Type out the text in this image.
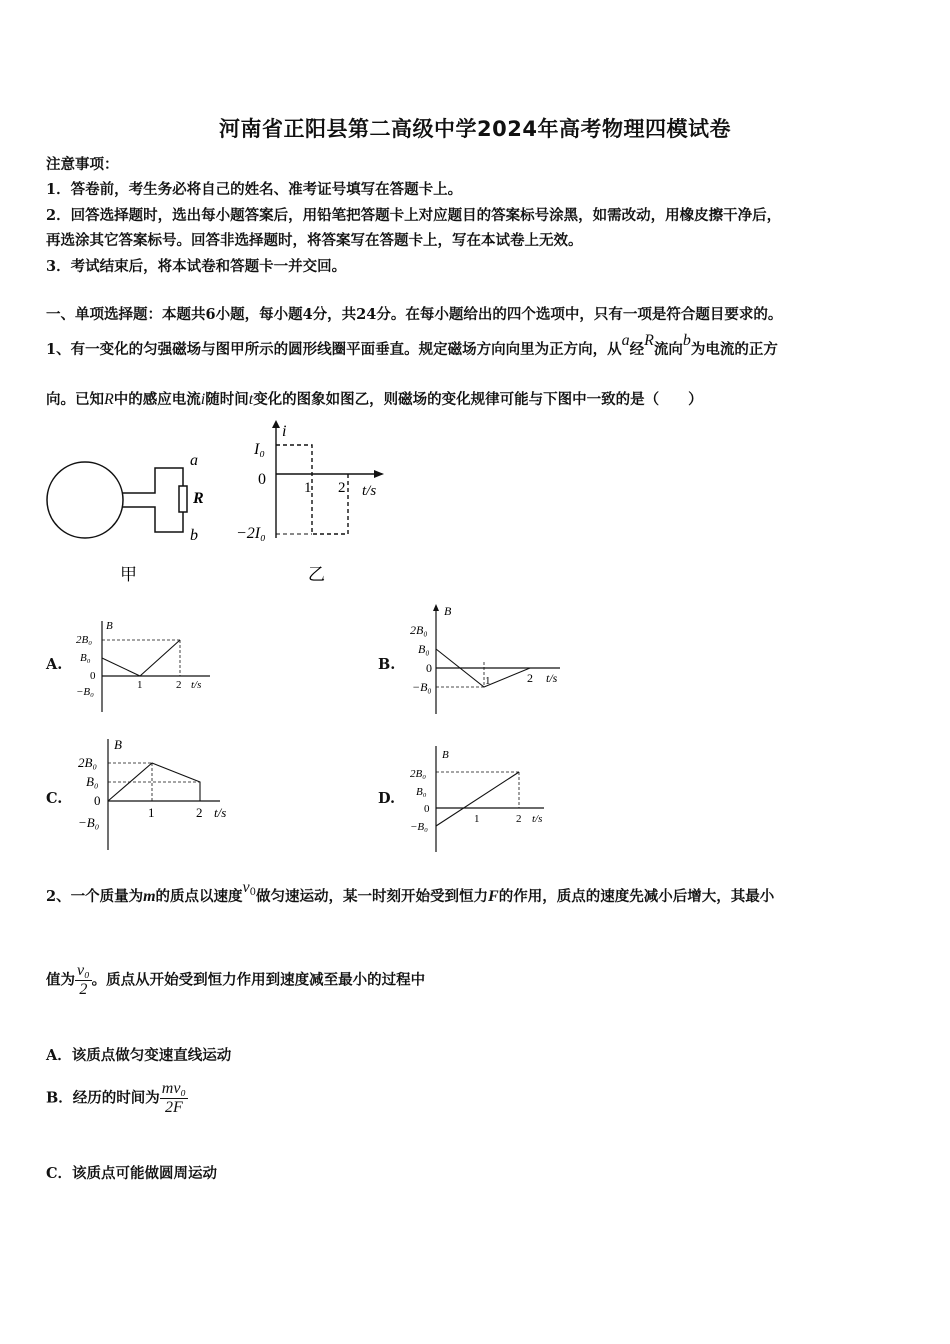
河南省正阳县第二高级中学2024年高考物理四模试卷
注意事项：
1．答卷前，考生务必将自己的姓名、准考证号填写在答题卡上。
2．回答选择题时，选出每小题答案后，用铅笔把答题卡上对应题目的答案标号涂黑，如需改动，用橡皮擦干净后，
再选涂其它答案标号。回答非选择题时，将答案写在答题卡上，写在本试卷上无效。
3．考试结束后，将本试卷和答题卡一并交回。
一、单项选择题：本题共6小题，每小题4分，共24分。在每小题给出的四个选项中，只有一项是符合题目要求的。
1、有一变化的匀强磁场与图甲所示的圆形线圈平面垂直。规定磁场方向向里为正方向，从a经R流向b为电流的正方
向。已知R中的感应电流i随时间t变化的图象如图乙，则磁场的变化规律可能与下图中一致的是（　　）
a
R
b
甲
i
I₀
0
−2I₀
1 2 t/s
乙
A.
B
2B₀
B₀
0
−B₀
1	2 t/s
B.
B
2B₀
B₀
0
−B₀	1	2 t/s
C.
B
2B₀
B₀
0
−B₀
1	2 t/s
D.
B
2B₀
B₀
0
−B₀
1	2 t/s
2、一个质量为m的质点以速度$v^0$做匀速运动，某一时刻开始受到恒力F的作用，质点的速度先减小后增大，其最小
值为 $\frac{\text{v₀}}{2}$ 。质点从开始受到恒力作用到速度减至最小的过程中
A．该质点做匀变速直线运动
B．经历的时间为 $\frac{\text{mv₀}}{2F}$
C．该质点可能做圆周运动
